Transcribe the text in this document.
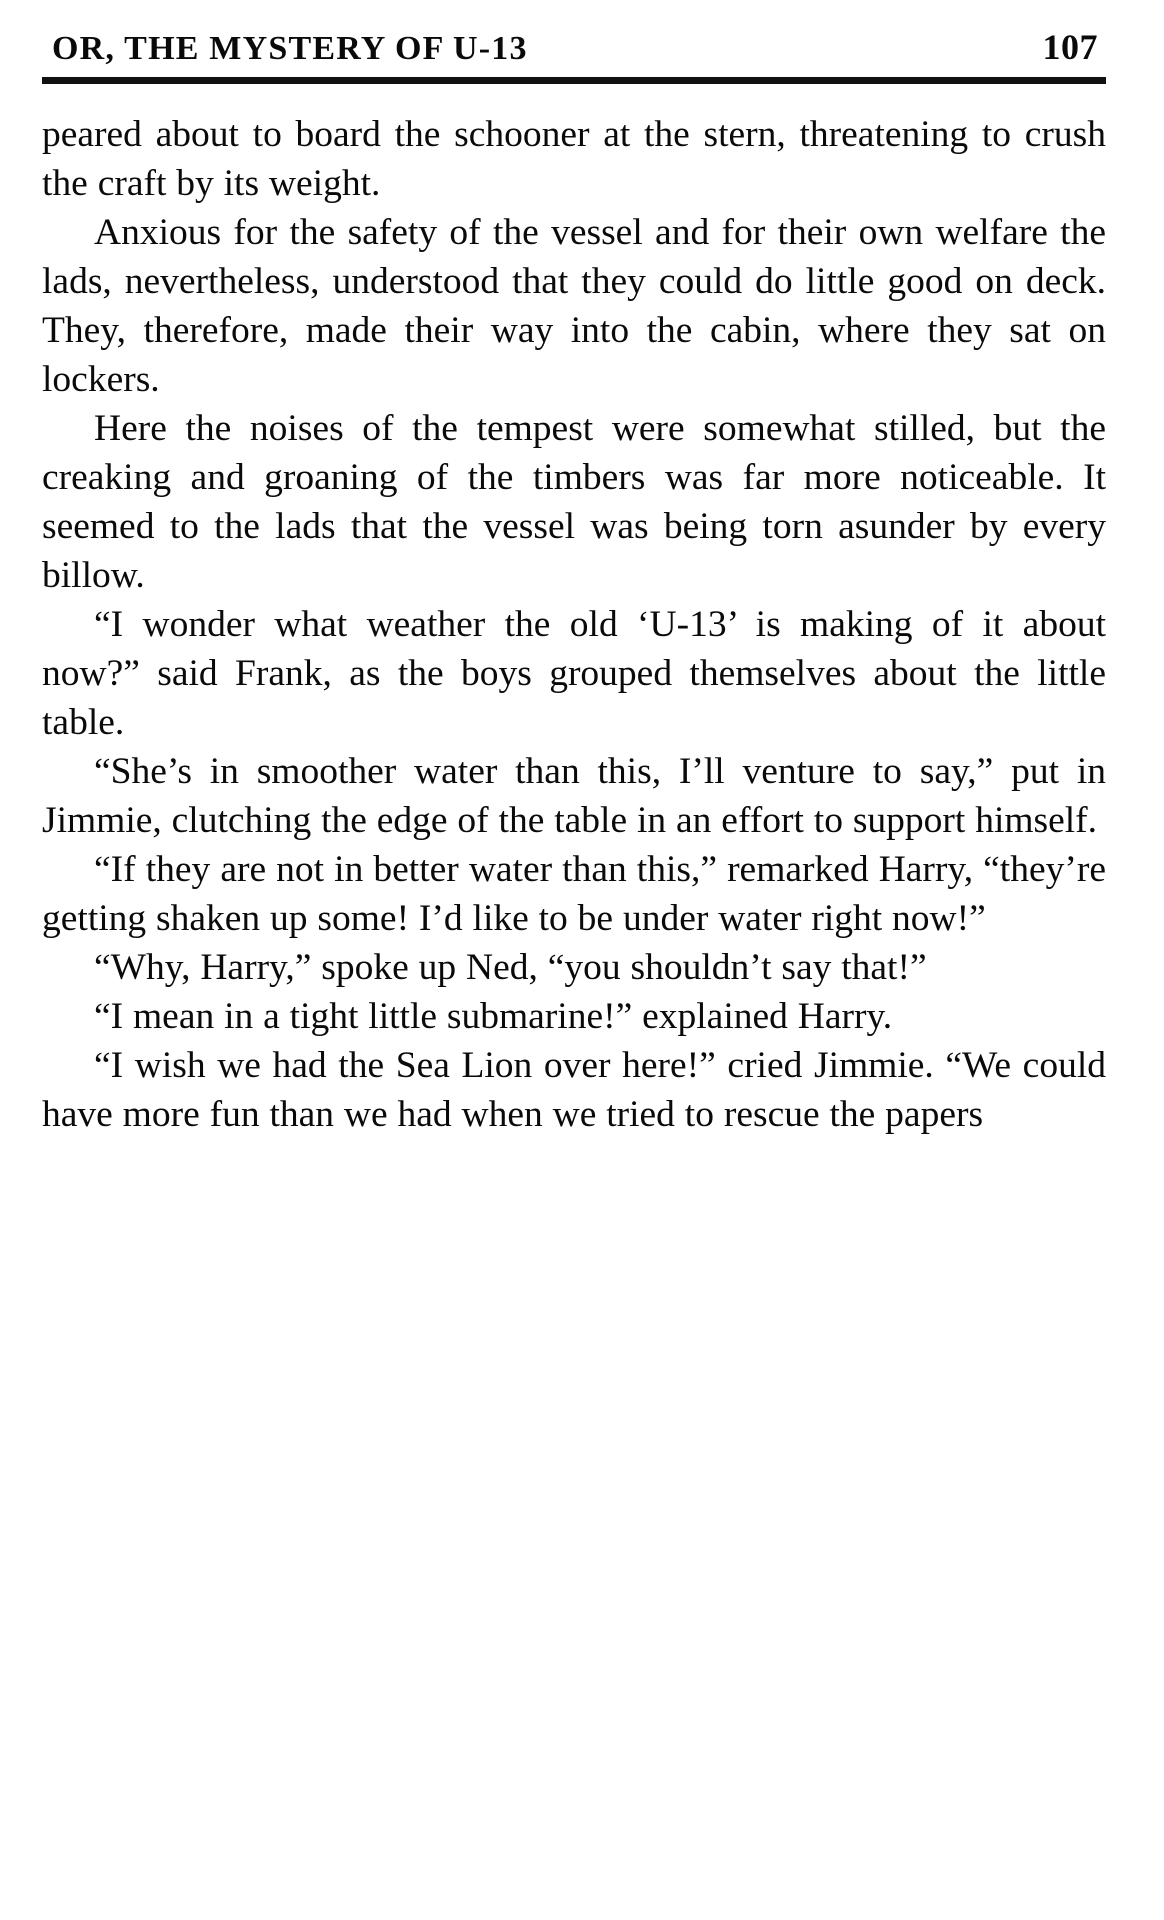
OR, THE MYSTERY OF U-13	107

peared about to board the schooner at the stern, threatening to crush the craft by its weight.

Anxious for the safety of the vessel and for their own welfare the lads, nevertheless, understood that they could do little good on deck. They, therefore, made their way into the cabin, where they sat on lockers.

Here the noises of the tempest were somewhat stilled, but the creaking and groaning of the timbers was far more noticeable. It seemed to the lads that the vessel was being torn asunder by every billow.

“I wonder what weather the old ‘U-13’ is making of it about now?” said Frank, as the boys grouped themselves about the little table.

“She’s in smoother water than this, I’ll venture to say,” put in Jimmie, clutching the edge of the table in an effort to support himself.

“If they are not in better water than this,” remarked Harry, “they’re getting shaken up some! I’d like to be under water right now!”

“Why, Harry,” spoke up Ned, “you shouldn’t say that!”

“I mean in a tight little submarine!” explained Harry.

“I wish we had the Sea Lion over here!” cried Jimmie. “We could have more fun than we had when we tried to rescue the papers
